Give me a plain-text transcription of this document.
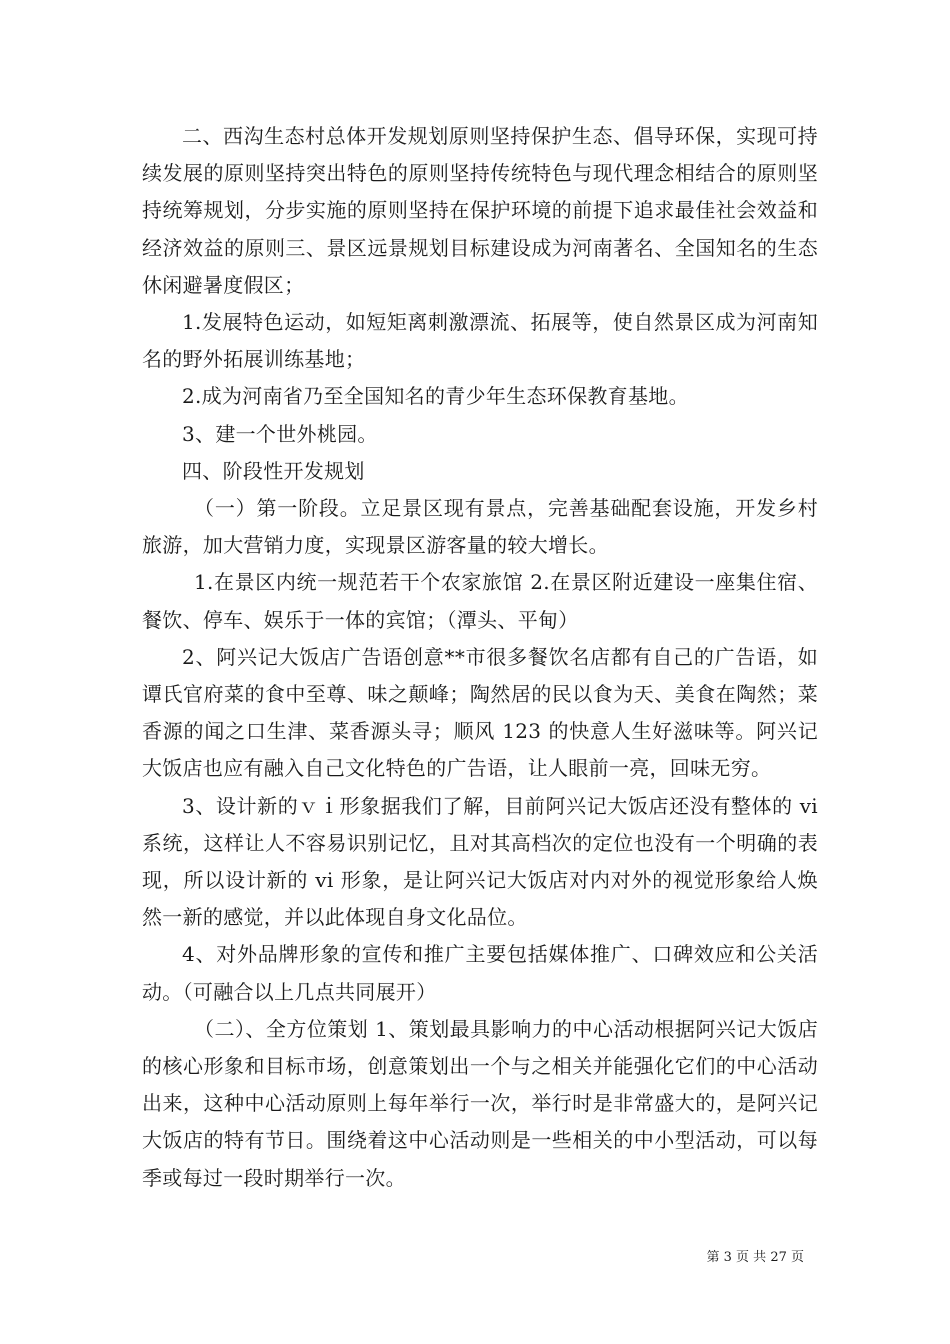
二、西沟生态村总体开发规划原则坚持保护生态、倡导环保，实现可持续发展的原则坚持突出特色的原则坚持传统特色与现代理念相结合的原则坚持统筹规划，分步实施的原则坚持在保护环境的前提下追求最佳社会效益和经济效益的原则三、景区远景规划目标建设成为河南著名、全国知名的生态休闲避暑度假区；

1.发展特色运动，如短矩离刺激漂流、拓展等，使自然景区成为河南知名的野外拓展训练基地；

2.成为河南省乃至全国知名的青少年生态环保教育基地。

3、建一个世外桃园。

四、阶段性开发规划

（一）第一阶段。立足景区现有景点，完善基础配套设施，开发乡村旅游，加大营销力度，实现景区游客量的较大增长。

1.在景区内统一规范若干个农家旅馆 2.在景区附近建设一座集住宿、餐饮、停车、娱乐于一体的宾馆；（潭头、平甸）

2、阿兴记大饭店广告语创意**市很多餐饮名店都有自己的广告语，如谭氏官府菜的食中至尊、味之颠峰；陶然居的民以食为天、美食在陶然；菜香源的闻之口生津、菜香源头寻；顺风 123 的快意人生好滋味等。阿兴记大饭店也应有融入自己文化特色的广告语，让人眼前一亮，回味无穷。

3、设计新的ｖｉ形象据我们了解，目前阿兴记大饭店还没有整体的 vi 系统，这样让人不容易识别记忆，且对其高档次的定位也没有一个明确的表现，所以设计新的 vi 形象，是让阿兴记大饭店对内对外的视觉形象给人焕然一新的感觉，并以此体现自身文化品位。

4、对外品牌形象的宣传和推广主要包括媒体推广、口碑效应和公关活动。（可融合以上几点共同展开）

（二）、全方位策划 1、策划最具影响力的中心活动根据阿兴记大饭店的核心形象和目标市场，创意策划出一个与之相关并能强化它们的中心活动出来，这种中心活动原则上每年举行一次，举行时是非常盛大的，是阿兴记大饭店的特有节日。围绕着这中心活动则是一些相关的中小型活动，可以每季或每过一段时期举行一次。

第 3 页 共 27 页
